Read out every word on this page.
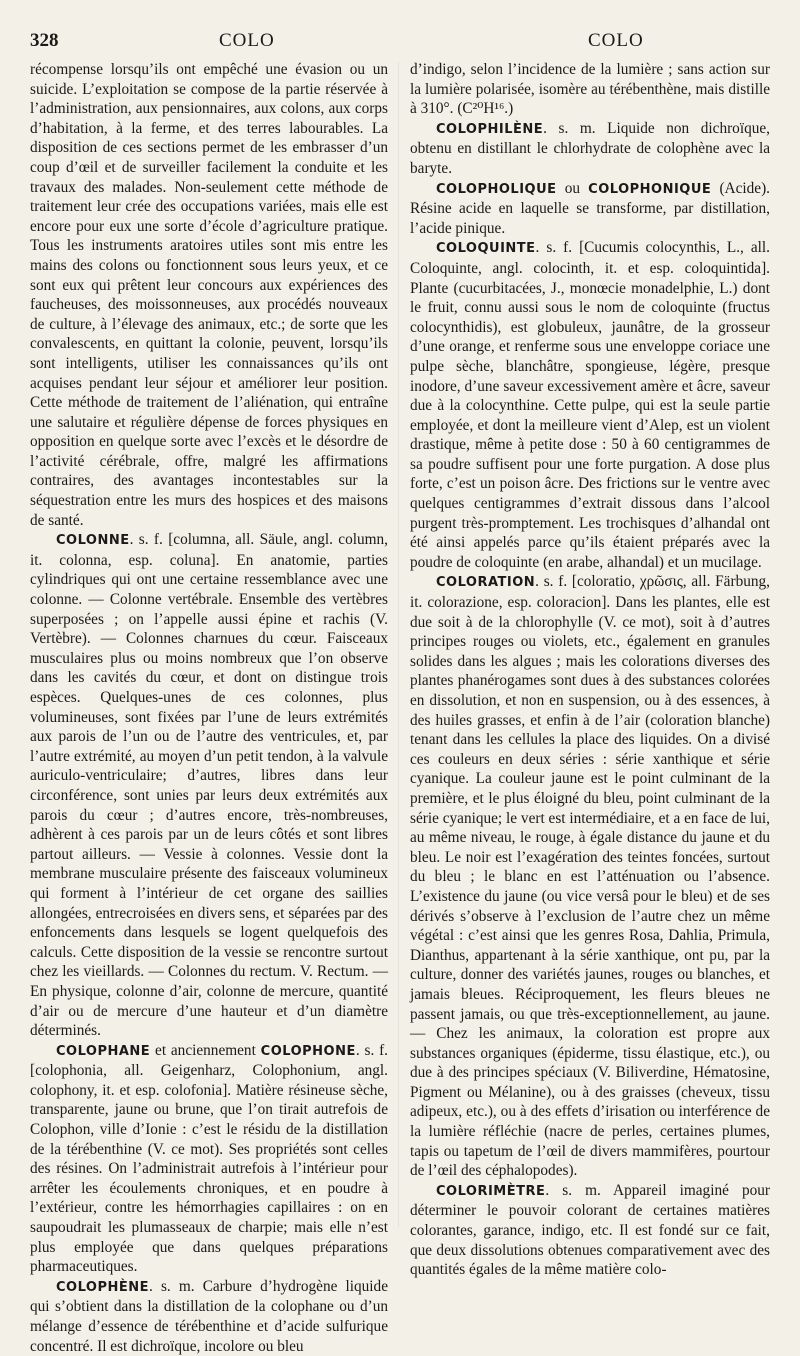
328	COLO	COLO

récompense lorsqu’ils ont empêché une évasion ou un suicide. L’exploitation se compose de la partie réservée à l’administration, aux pensionnaires, aux colons, aux corps d’habitation, à la ferme, et des terres labourables. La disposition de ces sections permet de les embrasser d’un coup d’œil et de surveiller facilement la conduite et les travaux des malades. Non-seulement cette méthode de traitement leur crée des occupations variées, mais elle est encore pour eux une sorte d’école d’agriculture pratique. Tous les instruments aratoires utiles sont mis entre les mains des colons ou fonctionnent sous leurs yeux, et ce sont eux qui prêtent leur concours aux expériences des faucheuses, des moissonneuses, aux procédés nouveaux de culture, à l’élevage des animaux, etc.; de sorte que les convalescents, en quittant la colonie, peuvent, lorsqu’ils sont intelligents, utiliser les connaissances qu’ils ont acquises pendant leur séjour et améliorer leur position. Cette méthode de traitement de l’aliénation, qui entraîne une salutaire et régulière dépense de forces physiques en opposition en quelque sorte avec l’excès et le désordre de l’activité cérébrale, offre, malgré les affirmations contraires, des avantages incontestables sur la séquestration entre les murs des hospices et des maisons de santé.

COLONNE. s. f. [columna, all. Säule, angl. column, it. colonna, esp. coluna]. En anatomie, parties cylindriques qui ont une certaine ressemblance avec une colonne. — Colonne vertébrale. Ensemble des vertèbres superposées ; on l’appelle aussi épine et rachis (V. Vertèbre). — Colonnes charnues du cœur. Faisceaux musculaires plus ou moins nombreux que l’on observe dans les cavités du cœur, et dont on distingue trois espèces. Quelques-unes de ces colonnes, plus volumineuses, sont fixées par l’une de leurs extrémités aux parois de l’un ou de l’autre des ventricules, et, par l’autre extrémité, au moyen d’un petit tendon, à la valvule auriculo-ventriculaire; d’autres, libres dans leur circonférence, sont unies par leurs deux extrémités aux parois du cœur ; d’autres encore, très-nombreuses, adhèrent à ces parois par un de leurs côtés et sont libres partout ailleurs. — Vessie à colonnes. Vessie dont la membrane musculaire présente des faisceaux volumineux qui forment à l’intérieur de cet organe des saillies allongées, entrecroisées en divers sens, et séparées par des enfoncements dans lesquels se logent quelquefois des calculs. Cette disposition de la vessie se rencontre surtout chez les vieillards. — Colonnes du rectum. V. Rectum. — En physique, colonne d’air, colonne de mercure, quantité d’air ou de mercure d’une hauteur et d’un diamètre déterminés.

COLOPHANE et anciennement COLOPHONE. s. f. [colophonia, all. Geigenharz, Colophonium, angl. colophony, it. et esp. colofonia]. Matière résineuse sèche, transparente, jaune ou brune, que l’on tirait autrefois de Colophon, ville d’Ionie : c’est le résidu de la distillation de la térébenthine (V. ce mot). Ses propriétés sont celles des résines. On l’administrait autrefois à l’intérieur pour arrêter les écoulements chroniques, et en poudre à l’extérieur, contre les hémorrhagies capillaires : on en saupoudrait les plumasseaux de charpie; mais elle n’est plus employée que dans quelques préparations pharmaceutiques.

COLOPHÈNE. s. m. Carbure d’hydrogène liquide qui s’obtient dans la distillation de la colophane ou d’un mélange d’essence de térébenthine et d’acide sulfurique concentré. Il est dichroïque, incolore ou bleu

d’indigo, selon l’incidence de la lumière ; sans action sur la lumière polarisée, isomère au térébenthène, mais distille à 310°. (C²⁰H¹⁶.)

COLOPHILÈNE. s. m. Liquide non dichroïque, obtenu en distillant le chlorhydrate de colophène avec la baryte.

COLOPHOLIQUE ou COLOPHONIQUE (Acide). Résine acide en laquelle se transforme, par distillation, l’acide pinique.

COLOQUINTE. s. f. [Cucumis colocynthis, L., all. Coloquinte, angl. colocinth, it. et esp. coloquintida]. Plante (cucurbitacées, J., monœcie monadelphie, L.) dont le fruit, connu aussi sous le nom de coloquinte (fructus colocynthidis), est globuleux, jaunâtre, de la grosseur d’une orange, et renferme sous une enveloppe coriace une pulpe sèche, blanchâtre, spongieuse, légère, presque inodore, d’une saveur excessivement amère et âcre, saveur due à la colocynthine. Cette pulpe, qui est la seule partie employée, et dont la meilleure vient d’Alep, est un violent drastique, même à petite dose : 50 à 60 centigrammes de sa poudre suffisent pour une forte purgation. A dose plus forte, c’est un poison âcre. Des frictions sur le ventre avec quelques centigrammes d’extrait dissous dans l’alcool purgent très-promptement. Les trochisques d’alhandal ont été ainsi appelés parce qu’ils étaient préparés avec la poudre de coloquinte (en arabe, alhandal) et un mucilage.

COLORATION. s. f. [coloratio, χρῶσις, all. Färbung, it. colorazione, esp. coloracion]. Dans les plantes, elle est due soit à de la chlorophylle (V. ce mot), soit à d’autres principes rouges ou violets, etc., également en granules solides dans les algues ; mais les colorations diverses des plantes phanérogames sont dues à des substances colorées en dissolution, et non en suspension, ou à des essences, à des huiles grasses, et enfin à de l’air (coloration blanche) tenant dans les cellules la place des liquides. On a divisé ces couleurs en deux séries : série xanthique et série cyanique. La couleur jaune est le point culminant de la première, et le plus éloigné du bleu, point culminant de la série cyanique; le vert est intermédiaire, et a en face de lui, au même niveau, le rouge, à égale distance du jaune et du bleu. Le noir est l’exagération des teintes foncées, surtout du bleu ; le blanc en est l’atténuation ou l’absence. L’existence du jaune (ou vice versâ pour le bleu) et de ses dérivés s’observe à l’exclusion de l’autre chez un même végétal : c’est ainsi que les genres Rosa, Dahlia, Primula, Dianthus, appartenant à la série xanthique, ont pu, par la culture, donner des variétés jaunes, rouges ou blanches, et jamais bleues. Réciproquement, les fleurs bleues ne passent jamais, ou que très-exceptionnellement, au jaune. — Chez les animaux, la coloration est propre aux substances organiques (épiderme, tissu élastique, etc.), ou due à des principes spéciaux (V. Biliverdine, Hématosine, Pigment ou Mélanine), ou à des graisses (cheveux, tissu adipeux, etc.), ou à des effets d’irisation ou interférence de la lumière réfléchie (nacre de perles, certaines plumes, tapis ou tapetum de l’œil de divers mammifères, pourtour de l’œil des céphalopodes).

COLORIMÈTRE. s. m. Appareil imaginé pour déterminer le pouvoir colorant de certaines matières colorantes, garance, indigo, etc. Il est fondé sur ce fait, que deux dissolutions obtenues comparativement avec des quantités égales de la même matière colo-
